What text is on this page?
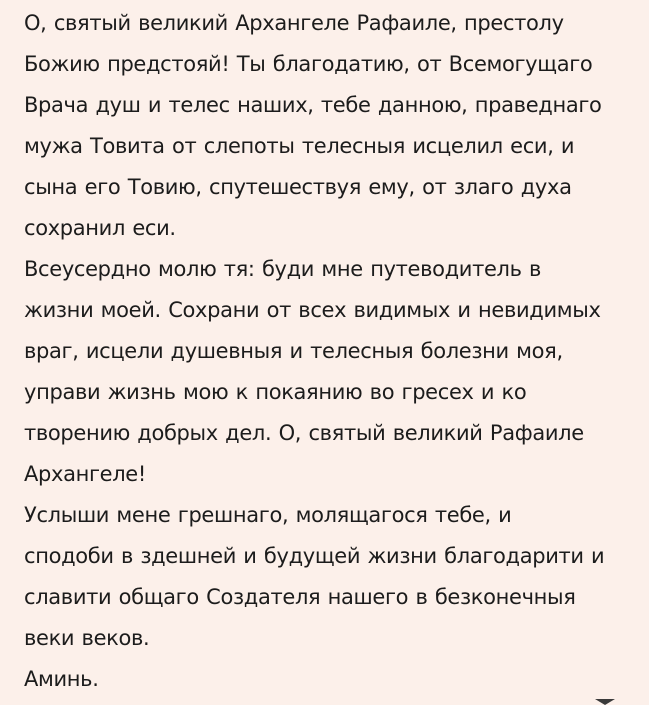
О, святый великий Архангеле Рафаиле, престолу
Божию предстояй! Ты благодатию, от Всемогущаго
Врача душ и телес наших, тебе данною, праведнаго
мужа Товита от слепоты телесныя исцелил еси, и
сына его Товию, спутешествуя ему, от злаго духа
сохранил еси.
Всеусердно молю тя: буди мне путеводитель в
жизни моей. Сохрани от всех видимых и невидимых
враг, исцели душевныя и телесныя болезни моя,
управи жизнь мою к покаянию во гресех и ко
творению добрых дел. О, святый великий Рафаиле
Архангеле!
Услыши мене грешнаго, молящагося тебе, и
сподоби в здешней и будущей жизни благодарити и
славити общаго Создателя нашего в безконечныя
веки веков.
Аминь.
